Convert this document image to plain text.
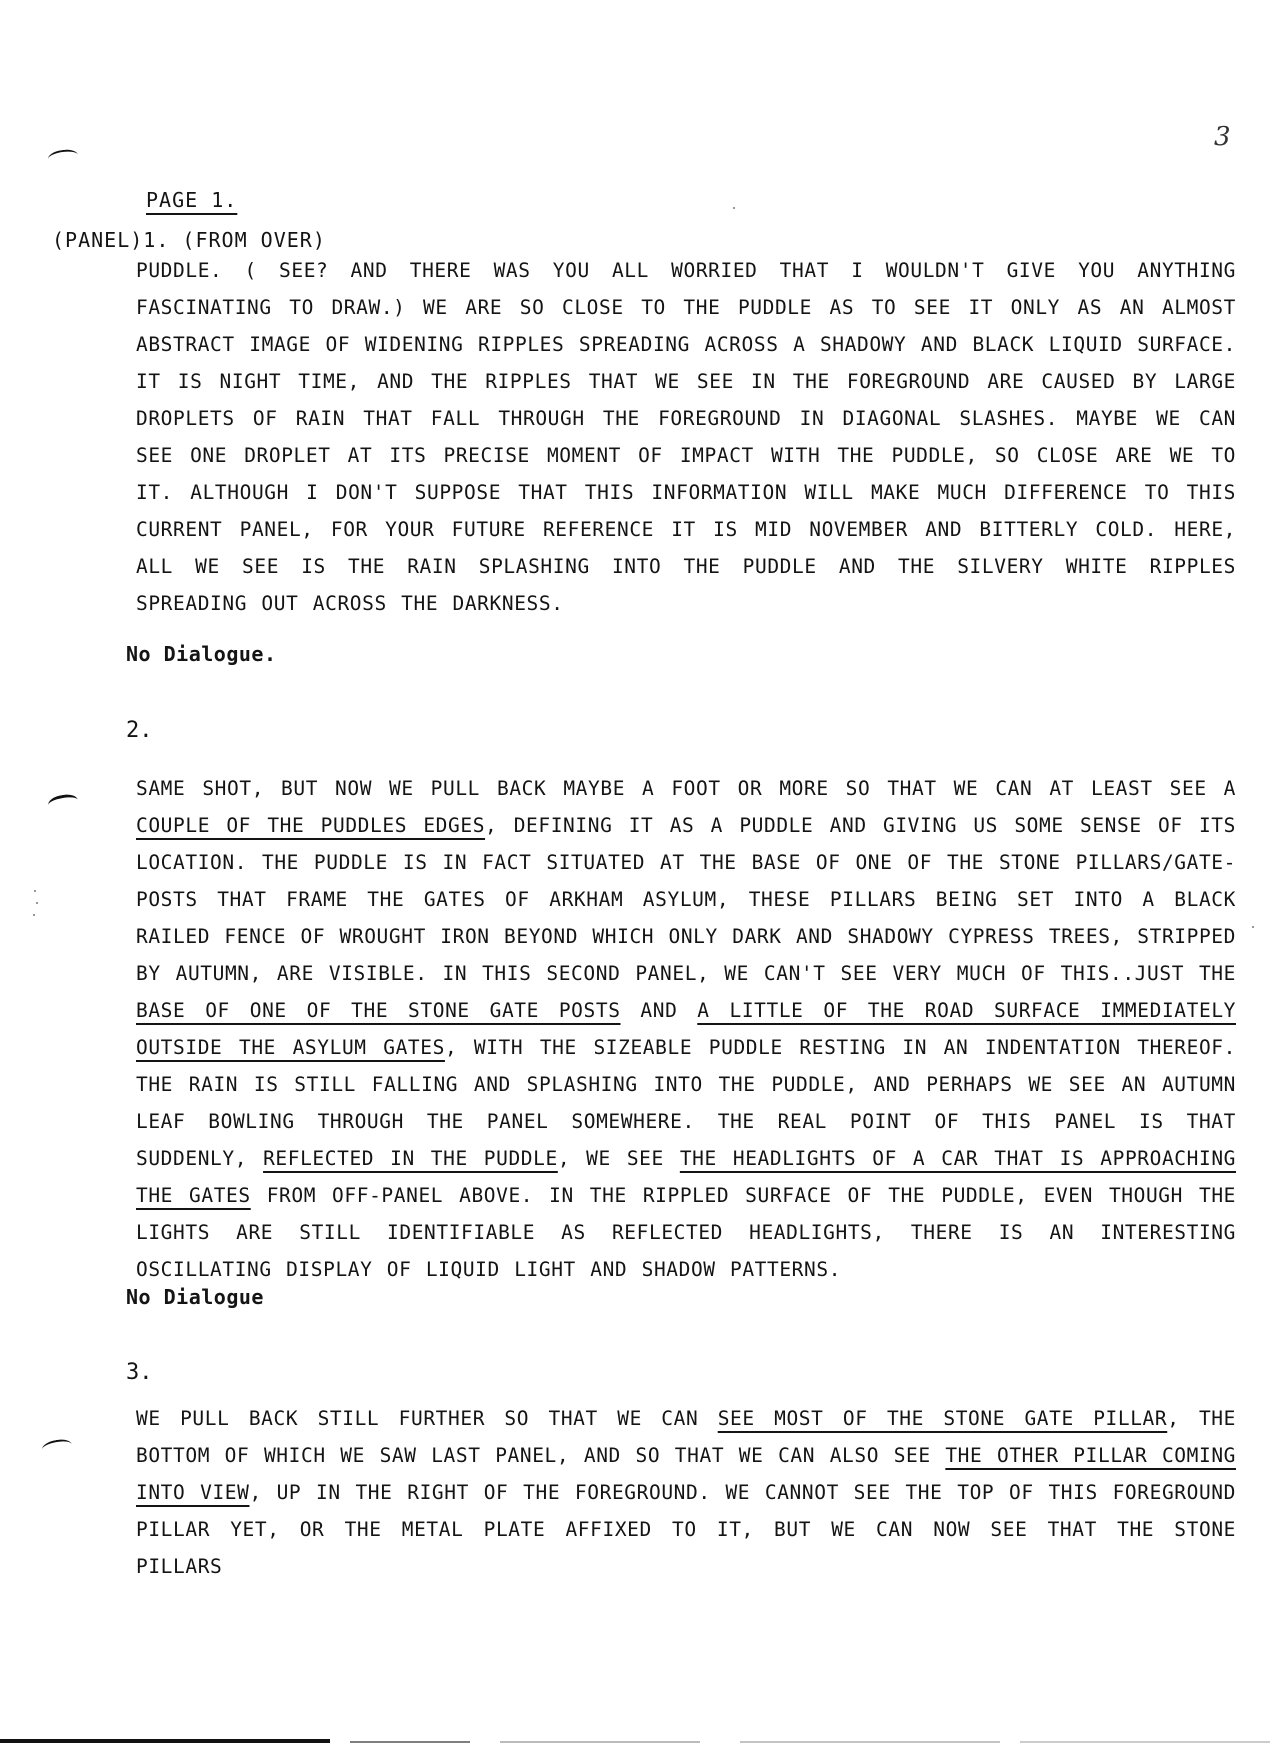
3
PAGE 1.
(PANEL)1. (FROM OVER)

PUDDLE. ( SEE? AND THERE WAS YOU ALL WORRIED THAT I WOULDN'T GIVE YOU ANYTHING FASCINATING TO DRAW.) WE ARE SO CLOSE TO THE PUDDLE AS TO SEE IT ONLY AS AN ALMOST ABSTRACT IMAGE OF WIDENING RIPPLES SPREADING ACROSS A SHADOWY AND BLACK LIQUID SURFACE. IT IS NIGHT TIME, AND THE RIPPLES THAT WE SEE IN THE FOREGROUND ARE CAUSED BY LARGE DROPLETS OF RAIN THAT FALL THROUGH THE FOREGROUND IN DIAGONAL SLASHES. MAYBE WE CAN SEE ONE DROPLET AT ITS PRECISE MOMENT OF IMPACT WITH THE PUDDLE, SO CLOSE ARE WE TO IT. ALTHOUGH I DON'T SUPPOSE THAT THIS INFORMATION WILL MAKE MUCH DIFFERENCE TO THIS CURRENT PANEL, FOR YOUR FUTURE REFERENCE IT IS MID NOVEMBER AND BITTERLY COLD. HERE, ALL WE SEE IS THE RAIN SPLASHING INTO THE PUDDLE AND THE SILVERY WHITE RIPPLES SPREADING OUT ACROSS THE DARKNESS.

No Dialogue.
2.

SAME SHOT, BUT NOW WE PULL BACK MAYBE A FOOT OR MORE SO THAT WE CAN AT LEAST SEE A COUPLE OF THE PUDDLES EDGES, DEFINING IT AS A PUDDLE AND GIVING US SOME SENSE OF ITS LOCATION. THE PUDDLE IS IN FACT SITUATED AT THE BASE OF ONE OF THE STONE PILLARS/GATE-POSTS THAT FRAME THE GATES OF ARKHAM ASYLUM, THESE PILLARS BEING SET INTO A BLACK RAILED FENCE OF WROUGHT IRON BEYOND WHICH ONLY DARK AND SHADOWY CYPRESS TREES, STRIPPED BY AUTUMN, ARE VISIBLE. IN THIS SECOND PANEL, WE CAN'T SEE VERY MUCH OF THIS..JUST THE BASE OF ONE OF THE STONE GATE POSTS AND A LITTLE OF THE ROAD SURFACE IMMEDIATELY OUTSIDE THE ASYLUM GATES, WITH THE SIZEABLE PUDDLE RESTING IN AN INDENTATION THEREOF. THE RAIN IS STILL FALLING AND SPLASHING INTO THE PUDDLE, AND PERHAPS WE SEE AN AUTUMN LEAF BOWLING THROUGH THE PANEL SOMEWHERE. THE REAL POINT OF THIS PANEL IS THAT SUDDENLY, REFLECTED IN THE PUDDLE, WE SEE THE HEADLIGHTS OF A CAR THAT IS APPROACHING THE GATES FROM OFF-PANEL ABOVE. IN THE RIPPLED SURFACE OF THE PUDDLE, EVEN THOUGH THE LIGHTS ARE STILL IDENTIFIABLE AS REFLECTED HEADLIGHTS, THERE IS AN INTERESTING OSCILLATING DISPLAY OF LIQUID LIGHT AND SHADOW PATTERNS.

No Dialogue
3.

WE PULL BACK STILL FURTHER SO THAT WE CAN SEE MOST OF THE STONE GATE PILLAR, THE BOTTOM OF WHICH WE SAW LAST PANEL, AND SO THAT WE CAN ALSO SEE THE OTHER PILLAR COMING INTO VIEW, UP IN THE RIGHT OF THE FOREGROUND. WE CANNOT SEE THE TOP OF THIS FOREGROUND PILLAR YET, OR THE METAL PLATE AFFIXED TO IT, BUT WE CAN NOW SEE THAT THE STONE PILLARS
